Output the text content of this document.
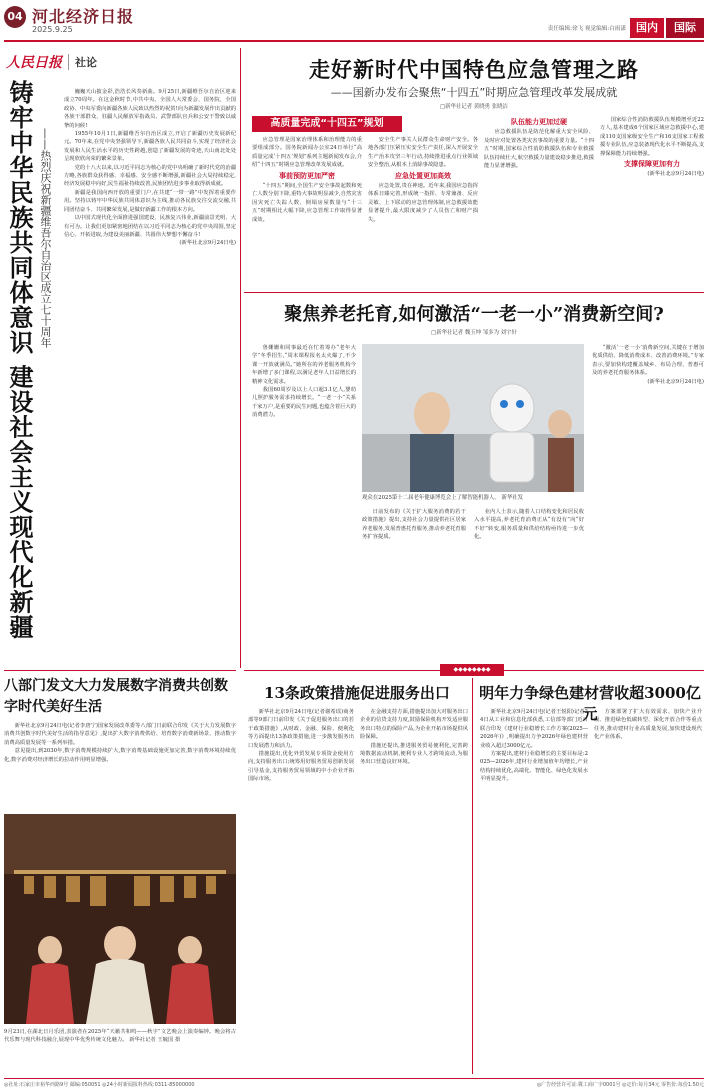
04 河北经济日报
2025.9.25	责任编辑:徐飞 视觉编辑:白雨潇 国内	国际
人民日报	社论
铸牢中华民族共同体意识 建设社会主义现代化新疆 ——热烈庆祝新疆维吾尔自治区成立七十周年

巍巍天山披金彩,浩浩长风奏新曲。9月25日,新疆维吾尔自治区迎来成立70周年。在这金秋时节,中共中央、全国人大常委会、国务院、全国政协、中央军委向新疆各族人民致以热烈的祝贺!向为新疆发展作出贡献的各族干部群众、驻疆人民解放军指战员、武警部队官兵和公安干警致以诚挚的问候!

1955年10月1日,新疆维吾尔自治区成立,开启了新疆历史发展新纪元。70年来,在党中央坚强领导下,新疆各族人民共同奋斗,实现了经济社会发展和人民生活水平的历史性跨越,创造了新疆发展的奇迹,天山南北处处呈现欣欣向荣的繁荣景象。

党的十八大以来,以习近平同志为核心的党中央明确了新时代党的治疆方略,各族群众获得感、幸福感、安全感不断增强,新疆社会大局持续稳定,经济发展稳中向好,民生福祉持续改善,民族团结进步事业取得新成就。

新疆是我国向西开放的重要门户,在共建“一带一路”中发挥着重要作用。坚持以铸牢中华民族共同体意识为主线,推动各民族交往交流交融,共同团结奋斗、共同繁荣发展,是做好新疆工作的根本方向。

以中国式现代化全面推进强国建设、民族复兴伟业,新疆前景光明、大有可为。让我们更加紧密地团结在以习近平同志为核心的党中央周围,坚定信心、开拓进取,为建设美丽新疆、共圆伟大梦想不懈奋斗!

(新华社北京9月24日电)

走好新时代中国特色应急管理之路
——国新办发布会聚焦“十四五”时期应急管理改革发展成就
□新华社记者 黄晓勇 张晓洁
高质量完成“十四五”规划

应急管理是国家治理体系和治理能力的重要组成部分。国务院新闻办公室24日举行“高质量完成‘十四五’规划”系列主题新闻发布会,介绍“十四五”时期应急管理改革发展成就。

事前预防更加严密

“十四五”期间,全国生产安全事故起数和死亡人数分别下降,重特大事故明显减少,自然灾害因灾死亡失踪人数、倒塌房屋数量与“十三五”时期相比大幅下降,应急管理工作取得显著成效。

安全生产事关人民群众生命财产安全。各地各部门压紧压实安全生产责任,深入开展安全生产治本攻坚三年行动,持续推进重点行业领域安全整治,从根本上消除事故隐患。

应急处置更加高效

应急处置,贵在神速。近年来,我国应急指挥体系日臻完善,形成统一指挥、专常兼备、反应灵敏、上下联动的应急管理体制,应急救援效能显著提升,最大限度减少了人员伤亡和财产损失。

队伍能力更加过硬

应急救援队伍是防范化解重大安全风险、及时应对处置各类灾害事故的重要力量。“十四五”时期,国家综合性消防救援队伍和专业救援队伍持续壮大,航空救援力量建设稳步推进,救援能力显著增强。

国家综合性消防救援队伍规模增至近22万人,基本建成6个国家区域应急救援中心,建成110支国家级安全生产和16支国家工程救援专业队伍,应急装备现代化水平不断提高,支撑保障能力持续增强。

支撑保障更加有力

(新华社北京9月24日电)

聚焦养老托育,如何激活“一老一小”消费新空间?
□新华社记者 魏玉坤 邹多为 刘宇轩

鲁姗姗和同事最近在忙着筹办“老年大学”冬季招生,“周末课程报名太火爆了,不少课一开放就满员。”她所在的养老服务机构今年新增了多门课程,以满足老年人日益增长的精神文化需求。

我国60周岁及以上人口超3.1亿人,婴幼儿照护服务需求持续增长。“一老一小”关系千家万户,是重要的民生问题,也蕴含着巨大的消费潜力。

观众在2025第十二届老年健康博览会上了解智能机器人。 新华社发

日前发布的《关于扩大服务消费的若干政策措施》提出,支持社会力量提供社区居家养老服务,发展普惠托育服务,推动养老托育服务扩容提质。

业内人士表示,随着人口结构变化和居民收入水平提高,养老托育消费正从“有没有”向“好不好”转变,服务质量和供给结构亟待进一步优化。

“激活‘一老一小’消费新空间,关键在于增加优质供给、降低消费成本、改善消费环境。”专家表示,要加快构建覆盖城乡、布局合理、普惠可及的养老托育服务体系。

(新华社北京9月24日电)

八部门发文大力发展数字消费共创数字时代美好生活

新华社北京9月24日电(记者李唐宁)国家发展改革委等八部门日前联合印发《关于大力发展数字消费共创数字时代美好生活的指导意见》,提出扩大数字消费供给、培育数字消费新场景、推动数字消费高质量发展等一系列举措。

意见提出,到2030年,数字消费规模持续扩大,数字消费基础设施更加完善,数字消费环境持续优化,数字消费对经济增长的拉动作用明显增强。

9月23日,在湖北日月乐团,表演者在2025年“天籁共和鸣——秋字”文艺晚会上演奏编钟。晚会将古代乐舞与现代科技融合,展现中华优秀传统文化魅力。 新华社记者 王毓国 摄
◆◆◆◆◆◆◆◆
13条政策措施促进服务出口

新华社北京9月24日电(记者谢希瑶)商务部等9部门日前印发《关于促进服务出口的若干政策措施》,从财政、金融、保险、便利化等方面提出13条政策措施,进一步激发服务出口发展潜力和活力。

措施提出,优化外贸发展专项资金使用方向,支持服务出口;统筹用好服务贸易创新发展引导基金,支持服务贸易领域的中小企业开拓国际市场。

在金融支持方面,措施提出加大对服务出口企业的信贷支持力度,鼓励保险机构开发适应服务出口特点的保险产品,为企业开拓市场提供风险保障。

措施还提出,推进服务贸易便利化,完善跨境数据流动机制,便利专业人才跨境流动,为服务出口营造良好环境。

明年力争绿色建材营收超3000亿元

新华社北京9月24日电(记者王悦阳)记者24日从工业和信息化部获悉,工信部等部门近日联合印发《建材行业稳增长工作方案(2025—2026年)》,明确提出力争2026年绿色建材营业收入超过3000亿元。

方案提出,建材行业稳增长的主要目标是:2025—2026年,建材行业增加值年均增长,产业结构持续优化,高端化、智能化、绿色化发展水平明显提升。

方案部署了扩大有效需求、加快产业升级、推进绿色低碳转型、深化开放合作等重点任务,推动建材行业高质量发展,加快建设现代化产业体系。

◎社址:石家庄市裕华西路9号 邮编:050051 ◎24小时新闻报料热线:0311-85000000	◎广告经营许可证:冀工商广字0001号 ◎定价:每月34元 零售价:每份1.50元
